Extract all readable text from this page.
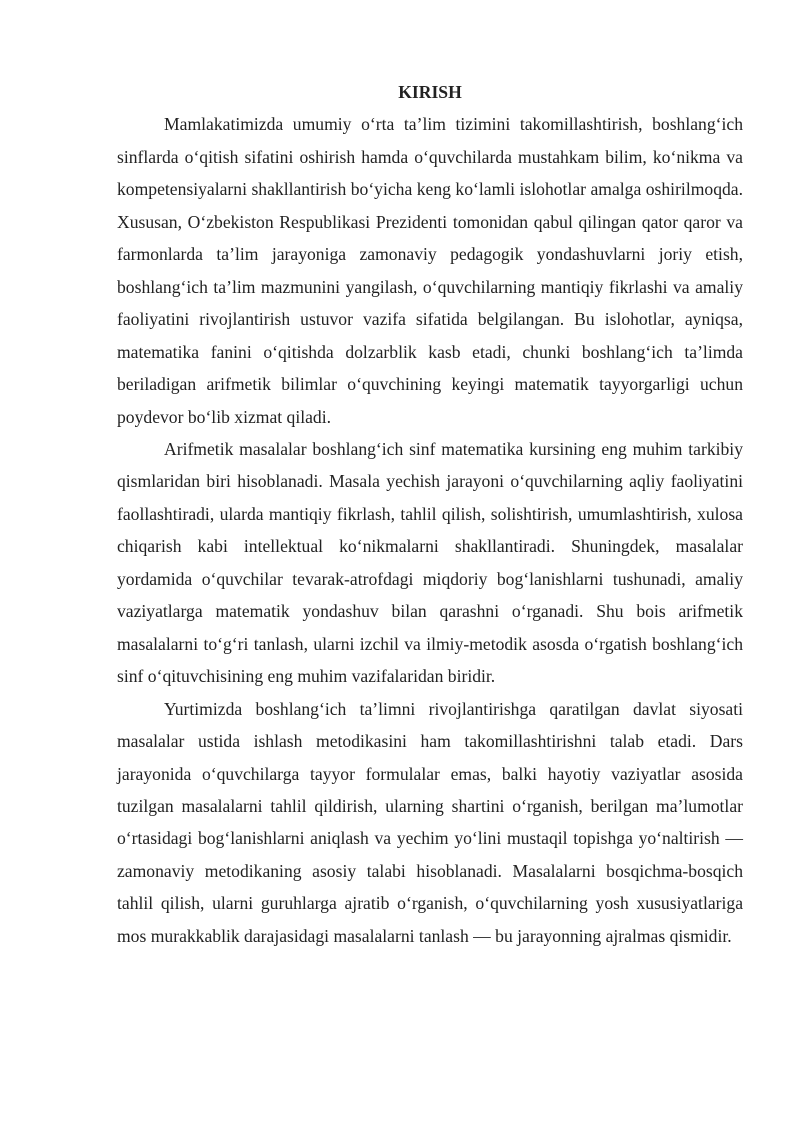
KIRISH

Mamlakatimizda umumiy o‘rta ta’lim tizimini takomillashtirish, boshlang‘ich sinflarda o‘qitish sifatini oshirish hamda o‘quvchilarda mustahkam bilim, ko‘nikma va kompetensiyalarni shakllantirish bo‘yicha keng ko‘lamli islohotlar amalga oshirilmoqda. Xususan, O‘zbekiston Respublikasi Prezidenti tomonidan qabul qilingan qator qaror va farmonlarda ta’lim jarayoniga zamonaviy pedagogik yondashuvlarni joriy etish, boshlang‘ich ta’lim mazmunini yangilash, o‘quvchilarning mantiqiy fikrlashi va amaliy faoliyatini rivojlantirish ustuvor vazifa sifatida belgilangan. Bu islohotlar, ayniqsa, matematika fanini o‘qitishda dolzarblik kasb etadi, chunki boshlang‘ich ta’limda beriladigan arifmetik bilimlar o‘quvchining keyingi matematik tayyorgarligi uchun poydevor bo‘lib xizmat qiladi.

Arifmetik masalalar boshlang‘ich sinf matematika kursining eng muhim tarkibiy qismlaridan biri hisoblanadi. Masala yechish jarayoni o‘quvchilarning aqliy faoliyatini faollashtiradi, ularda mantiqiy fikrlash, tahlil qilish, solishtirish, umumlashtirish, xulosa chiqarish kabi intellektual ko‘nikmalarni shakllantiradi. Shuningdek, masalalar yordamida o‘quvchilar tevarak-atrofdagi miqdoriy bog‘lanishlarni tushunadi, amaliy vaziyatlarga matematik yondashuv bilan qarashni o‘rganadi. Shu bois arifmetik masalalarni to‘g‘ri tanlash, ularni izchil va ilmiy-metodik asosda o‘rgatish boshlang‘ich sinf o‘qituvchisining eng muhim vazifalaridan biridir.

Yurtimizda boshlang‘ich ta’limni rivojlantirishga qaratilgan davlat siyosati masalalar ustida ishlash metodikasini ham takomillashtirishni talab etadi. Dars jarayonida o‘quvchilarga tayyor formulalar emas, balki hayotiy vaziyatlar asosida tuzilgan masalalarni tahlil qildirish, ularning shartini o‘rganish, berilgan ma’lumotlar o‘rtasidagi bog‘lanishlarni aniqlash va yechim yo‘lini mustaqil topishga yo‘naltirish — zamonaviy metodikaning asosiy talabi hisoblanadi. Masalalarni bosqichma-bosqich tahlil qilish, ularni guruhlarga ajratib o‘rganish, o‘quvchilarning yosh xususiyatlariga mos murakkablik darajasidagi masalalarni tanlash — bu jarayonning ajralmas qismidir.
